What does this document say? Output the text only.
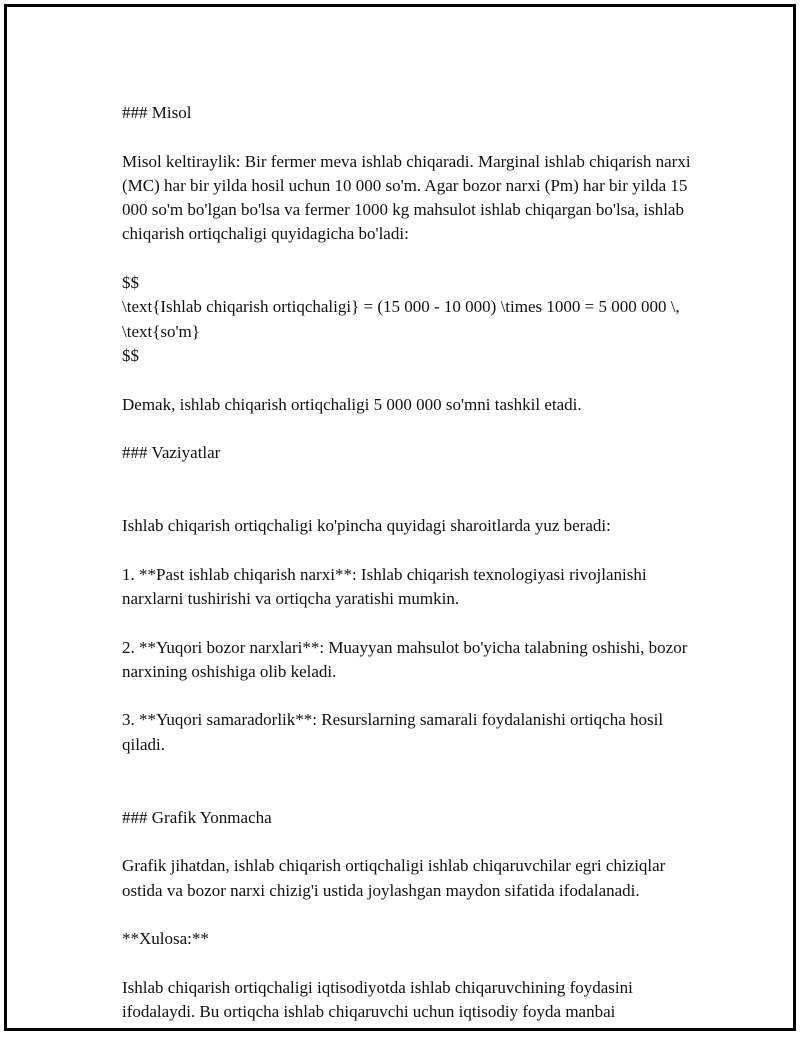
### Misol

Misol keltiraylik: Bir fermer meva ishlab chiqaradi. Marginal ishlab chiqarish narxi (MC) har bir yilda hosil uchun 10 000 so'm. Agar bozor narxi (Pm) har bir yilda 15 000 so'm bo'lgan bo'lsa va fermer 1000 kg mahsulot ishlab chiqargan bo'lsa, ishlab chiqarish ortiqchaligi quyidagicha bo'ladi:

$$
\text{Ishlab chiqarish ortiqchaligi} = (15 000 - 10 000) \times 1000 = 5 000 000 \, \text{so'm}
$$

Demak, ishlab chiqarish ortiqchaligi 5 000 000 so'mni tashkil etadi.

### Vaziyatlar

Ishlab chiqarish ortiqchaligi ko'pincha quyidagi sharoitlarda yuz beradi:

1. **Past ishlab chiqarish narxi**: Ishlab chiqarish texnologiyasi rivojlanishi narxlarni tushirishi va ortiqcha yaratishi mumkin.

2. **Yuqori bozor narxlari**: Muayyan mahsulot bo'yicha talabning oshishi, bozor narxining oshishiga olib keladi.

3. **Yuqori samaradorlik**: Resurslarning samarali foydalanishi ortiqcha hosil qiladi.

### Grafik Yonmacha

Grafik jihatdan, ishlab chiqarish ortiqchaligi ishlab chiqaruvchilar egri chiziqlar ostida va bozor narxi chizig'i ustida joylashgan maydon sifatida ifodalanadi.

**Xulosa:**

Ishlab chiqarish ortiqchaligi iqtisodiyotda ishlab chiqaruvchining foydasini ifodalaydi. Bu ortiqcha ishlab chiqaruvchi uchun iqtisodiy foyda manbai
